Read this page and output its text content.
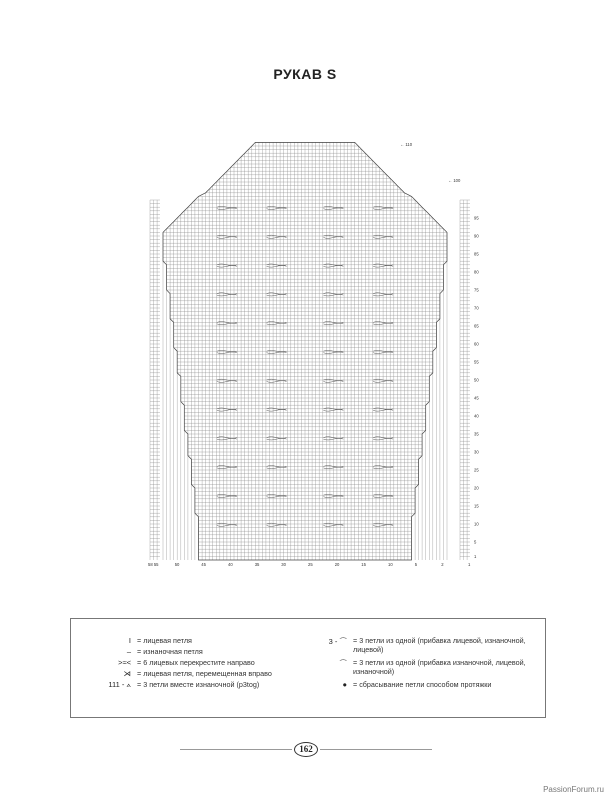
РУКАВ S
95
90
85
80
75
70
65
60
55
50
45
40
35
30
25
20
15
10
5
1
58 55	50	45	40	35	30	25	20	15	10	5	2	1
← 110
← 100
I = лицевая петля
– = изнаночная петля
>≈< = 6 лицевых перекрестите направо
⋊ = лицевая петля, перемещенная вправо
111 - ⟑ = 3 петли вместе изнаночной (p3tog)
3 - ⌒ = 3 петли из одной (прибавка лицевой, изнаночной, лицевой)
⌒ = 3 петли из одной (прибавка изнаночной, лицевой, изнаночной)
● = сбрасывание петли способом протяжки
162
PassionForum.ru
